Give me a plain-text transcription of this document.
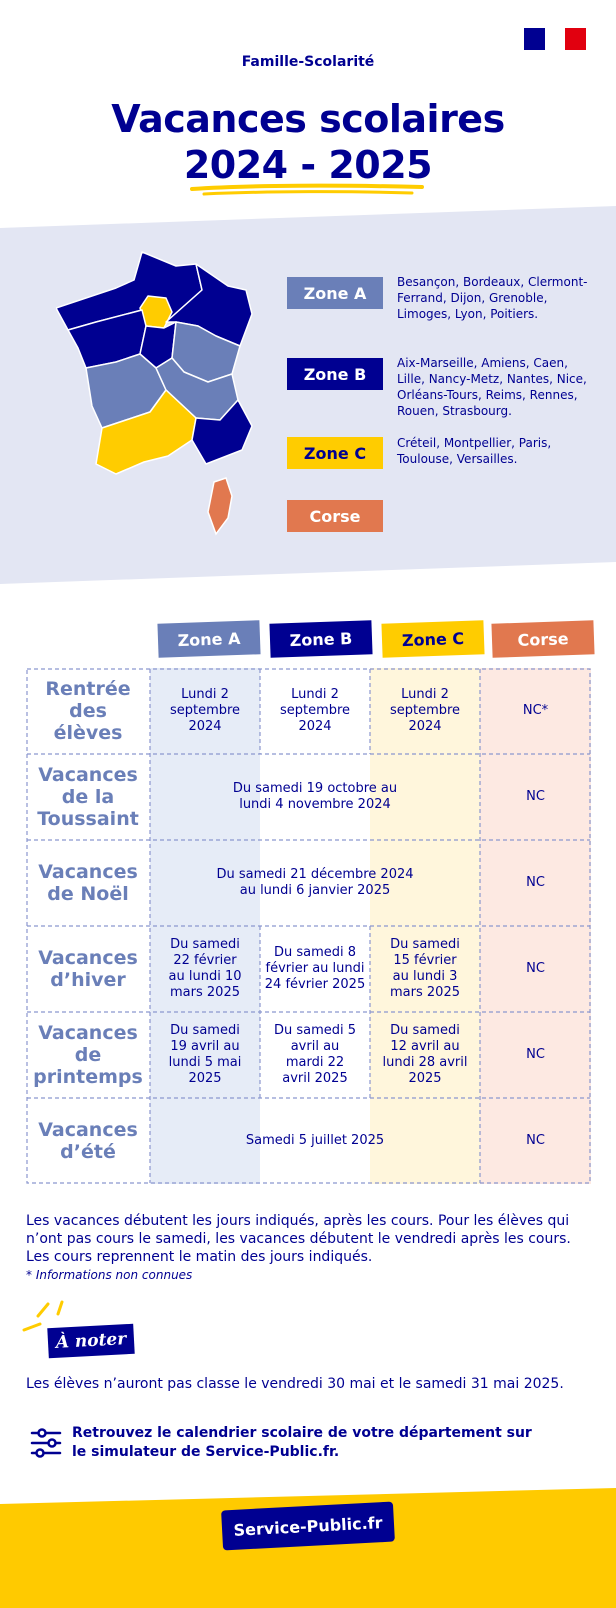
Famille-Scolarité
Vacances scolaires
2024 - 2025
Zone A
Besançon, Bordeaux, Clermont-Ferrand, Dijon, Grenoble, Limoges, Lyon, Poitiers.
Zone B
Aix-Marseille, Amiens, Caen, Lille, Nancy-Metz, Nantes, Nice, Orléans-Tours, Reims, Rennes, Rouen, Strasbourg.
Zone C
Créteil, Montpellier, Paris, Toulouse, Versailles.
Corse
Zone A	Zone B	Zone C	Corse
Rentrée des élèves
Lundi 2 septembre 2024
Lundi 2 septembre 2024
Lundi 2 septembre 2024
NC*
Vacances de la Toussaint
Du samedi 19 octobre au lundi 4 novembre 2024
NC
Vacances de Noël
Du samedi 21 décembre 2024 au lundi 6 janvier 2025
NC
Vacances d’hiver
Du samedi 22 février au lundi 10 mars 2025
Du samedi 8 février au lundi 24 février 2025
Du samedi 15 février au lundi 3 mars 2025
NC
Vacances de printemps
Du samedi 19 avril au lundi 5 mai 2025
Du samedi 5 avril au mardi 22 avril 2025
Du samedi 12 avril au lundi 28 avril 2025
NC
Vacances d’été
Samedi 5 juillet 2025	NC
Les vacances débutent les jours indiqués, après les cours. Pour les élèves qui n’ont pas cours le samedi, les vacances débutent le vendredi après les cours. Les cours reprennent le matin des jours indiqués.
* Informations non connues
À noter
Les élèves n’auront pas classe le vendredi 30 mai et le samedi 31 mai 2025.
Retrouvez le calendrier scolaire de votre département sur le simulateur de Service-Public.fr.
Service-Public.fr
